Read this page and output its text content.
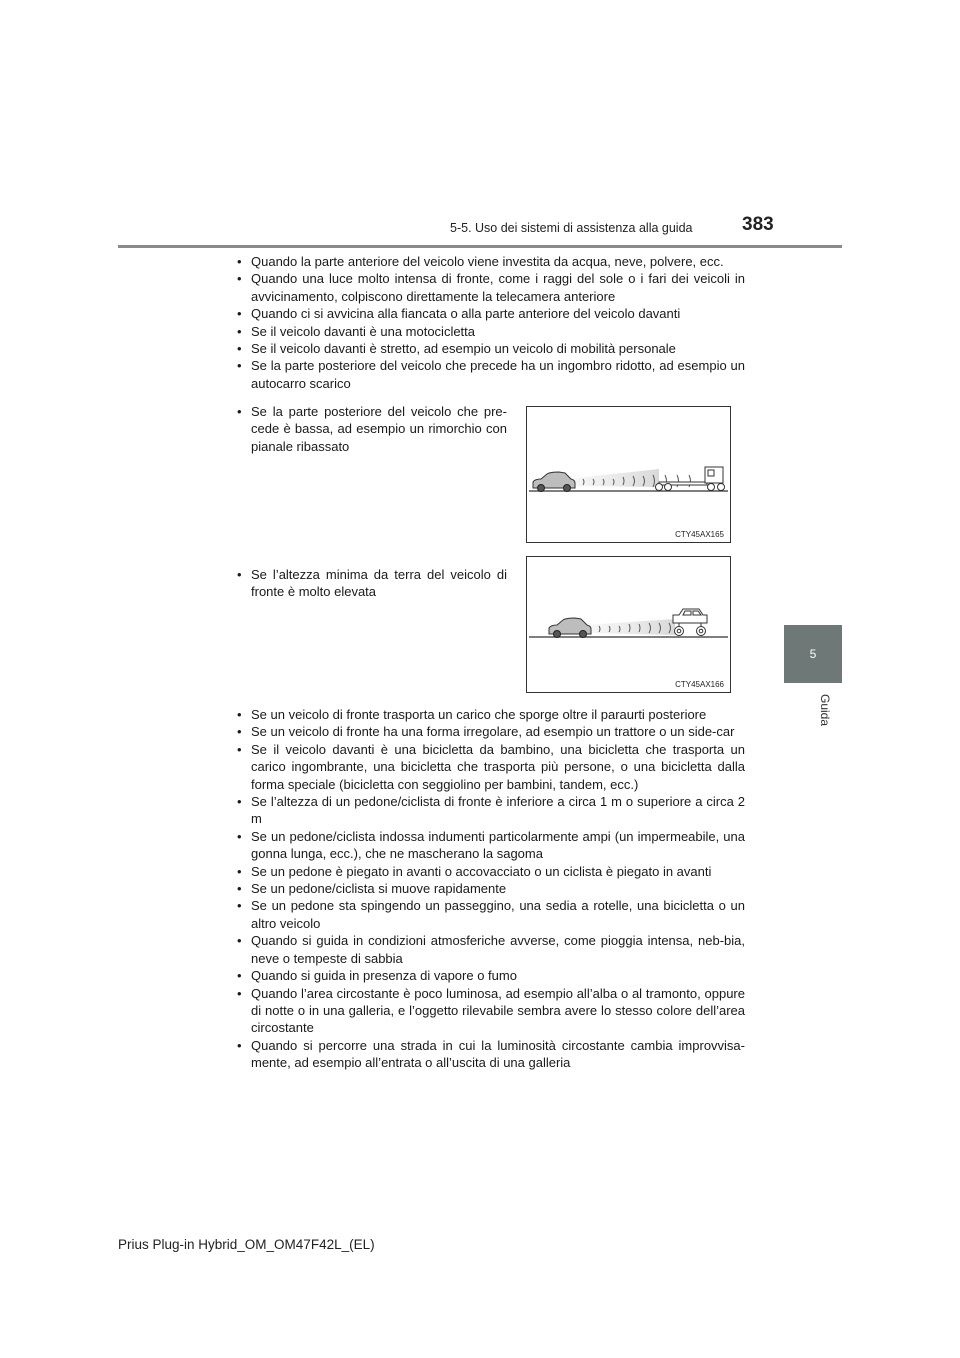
5-5. Uso dei sistemi di assistenza alla guida	383
5
Guida
• Quando la parte anteriore del veicolo viene investita da acqua, neve, polvere, ecc.
• Quando una luce molto intensa di fronte, come i raggi del sole o i fari dei veicoli in avvicinamento, colpiscono direttamente la telecamera anteriore
• Quando ci si avvicina alla fiancata o alla parte anteriore del veicolo davanti
• Se il veicolo davanti è una motocicletta
• Se il veicolo davanti è stretto, ad esempio un veicolo di mobilità personale
• Se la parte posteriore del veicolo che precede ha un ingombro ridotto, ad esempio un autocarro scarico
• Se la parte posteriore del veicolo che pre-cede è bassa, ad esempio un rimorchio con pianale ribassato
CTY45AX165
• Se l’altezza minima da terra del veicolo di fronte è molto elevata
CTY45AX166
• Se un veicolo di fronte trasporta un carico che sporge oltre il paraurti posteriore
• Se un veicolo di fronte ha una forma irregolare, ad esempio un trattore o un side-car
• Se il veicolo davanti è una bicicletta da bambino, una bicicletta che trasporta un carico ingombrante, una bicicletta che trasporta più persone, o una bicicletta dalla forma speciale (bicicletta con seggiolino per bambini, tandem, ecc.)
• Se l’altezza di un pedone/ciclista di fronte è inferiore a circa 1 m o superiore a circa 2 m
• Se un pedone/ciclista indossa indumenti particolarmente ampi (un impermeabile, una gonna lunga, ecc.), che ne mascherano la sagoma
• Se un pedone è piegato in avanti o accovacciato o un ciclista è piegato in avanti
• Se un pedone/ciclista si muove rapidamente
• Se un pedone sta spingendo un passeggino, una sedia a rotelle, una bicicletta o un altro veicolo
• Quando si guida in condizioni atmosferiche avverse, come pioggia intensa, neb-bia, neve o tempeste di sabbia
• Quando si guida in presenza di vapore o fumo
• Quando l’area circostante è poco luminosa, ad esempio all’alba o al tramonto, oppure di notte o in una galleria, e l’oggetto rilevabile sembra avere lo stesso colore dell’area circostante
• Quando si percorre una strada in cui la luminosità circostante cambia improvvisa-mente, ad esempio all’entrata o all’uscita di una galleria
Prius Plug-in Hybrid_OM_OM47F42L_(EL)
